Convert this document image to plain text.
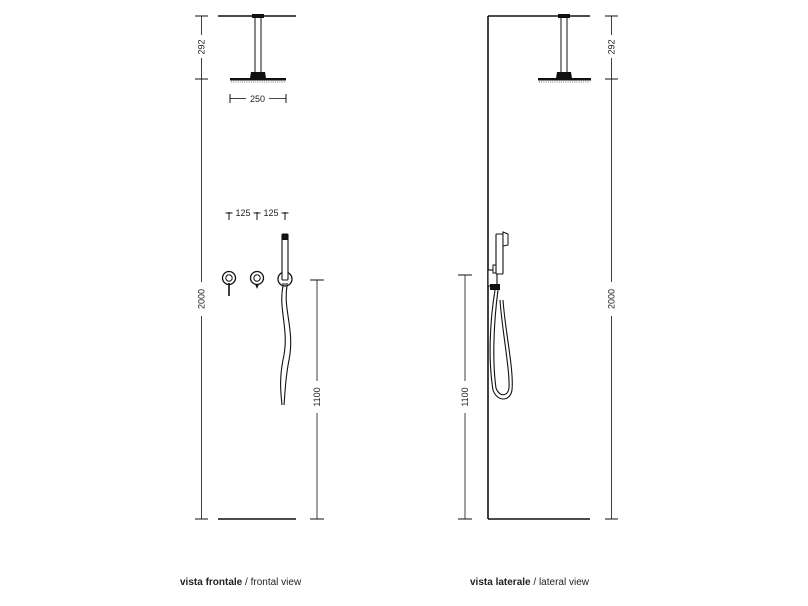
250
125 125
292
2000
1100
292
2000
1100
vista frontale / frontal view	vista laterale / lateral view
